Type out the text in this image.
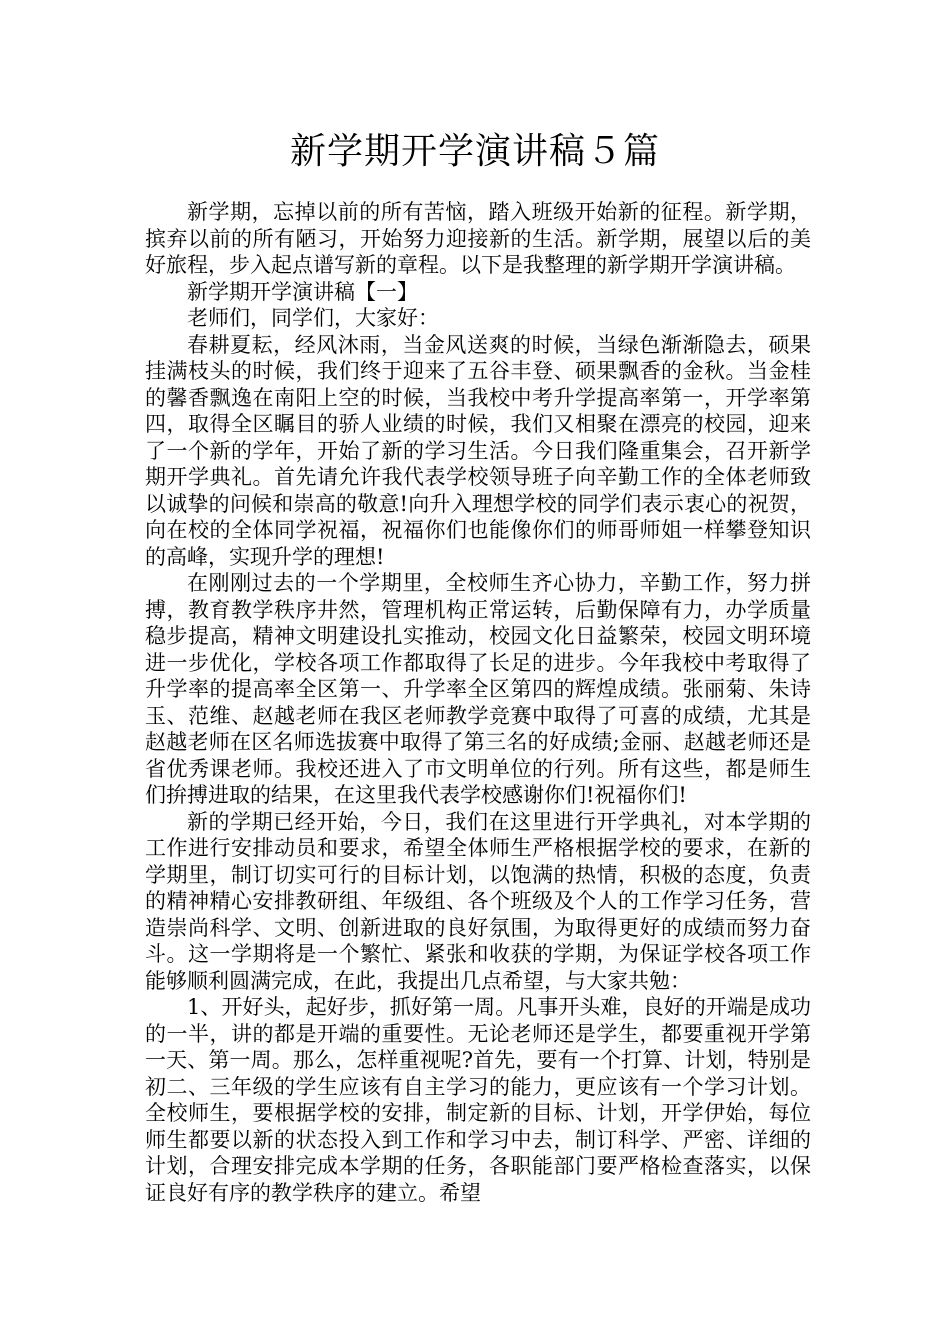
新学期开学演讲稿５篇

新学期，忘掉以前的所有苦恼，踏入班级开始新的征程。新学期，摈弃以前的所有陋习，开始努力迎接新的生活。新学期，展望以后的美好旅程，步入起点谱写新的章程。以下是我整理的新学期开学演讲稿。

新学期开学演讲稿【一】

老师们，同学们，大家好：

春耕夏耘，经风沐雨，当金风送爽的时候，当绿色渐渐隐去，硕果挂满枝头的时候，我们终于迎来了五谷丰登、硕果飘香的金秋。当金桂的馨香飘逸在南阳上空的时候，当我校中考升学提高率第一，开学率第四，取得全区瞩目的骄人业绩的时候，我们又相聚在漂亮的校园，迎来了一个新的学年，开始了新的学习生活。今日我们隆重集会，召开新学期开学典礼。首先请允许我代表学校领导班子向辛勤工作的全体老师致以诚挚的问候和崇高的敬意!向升入理想学校的同学们表示衷心的祝贺，向在校的全体同学祝福，祝福你们也能像你们的师哥师姐一样攀登知识的高峰，实现升学的理想!

在刚刚过去的一个学期里，全校师生齐心协力，辛勤工作，努力拼搏，教育教学秩序井然，管理机构正常运转，后勤保障有力，办学质量稳步提高，精神文明建设扎实推动，校园文化日益繁荣，校园文明环境进一步优化，学校各项工作都取得了长足的进步。今年我校中考取得了升学率的提高率全区第一、升学率全区第四的辉煌成绩。张丽菊、朱诗玉、范维、赵越老师在我区老师教学竞赛中取得了可喜的成绩，尤其是赵越老师在区名师选拔赛中取得了第三名的好成绩;金丽、赵越老师还是省优秀课老师。我校还进入了市文明单位的行列。所有这些，都是师生们拚搏进取的结果，在这里我代表学校感谢你们!祝福你们!

新的学期已经开始，今日，我们在这里进行开学典礼，对本学期的工作进行安排动员和要求，希望全体师生严格根据学校的要求，在新的学期里，制订切实可行的目标计划，以饱满的热情，积极的态度，负责的精神精心安排教研组、年级组、各个班级及个人的工作学习任务，营造崇尚科学、文明、创新进取的良好氛围，为取得更好的成绩而努力奋斗。这一学期将是一个繁忙、紧张和收获的学期，为保证学校各项工作能够顺利圆满完成，在此，我提出几点希望，与大家共勉：

1、开好头，起好步，抓好第一周。凡事开头难，良好的开端是成功的一半，讲的都是开端的重要性。无论老师还是学生，都要重视开学第一天、第一周。那么，怎样重视呢?首先，要有一个打算、计划，特别是初二、三年级的学生应该有自主学习的能力，更应该有一个学习计划。全校师生，要根据学校的安排，制定新的目标、计划，开学伊始，每位师生都要以新的状态投入到工作和学习中去，制订科学、严密、详细的计划，合理安排完成本学期的任务，各职能部门要严格检查落实，以保证良好有序的教学秩序的建立。希望
